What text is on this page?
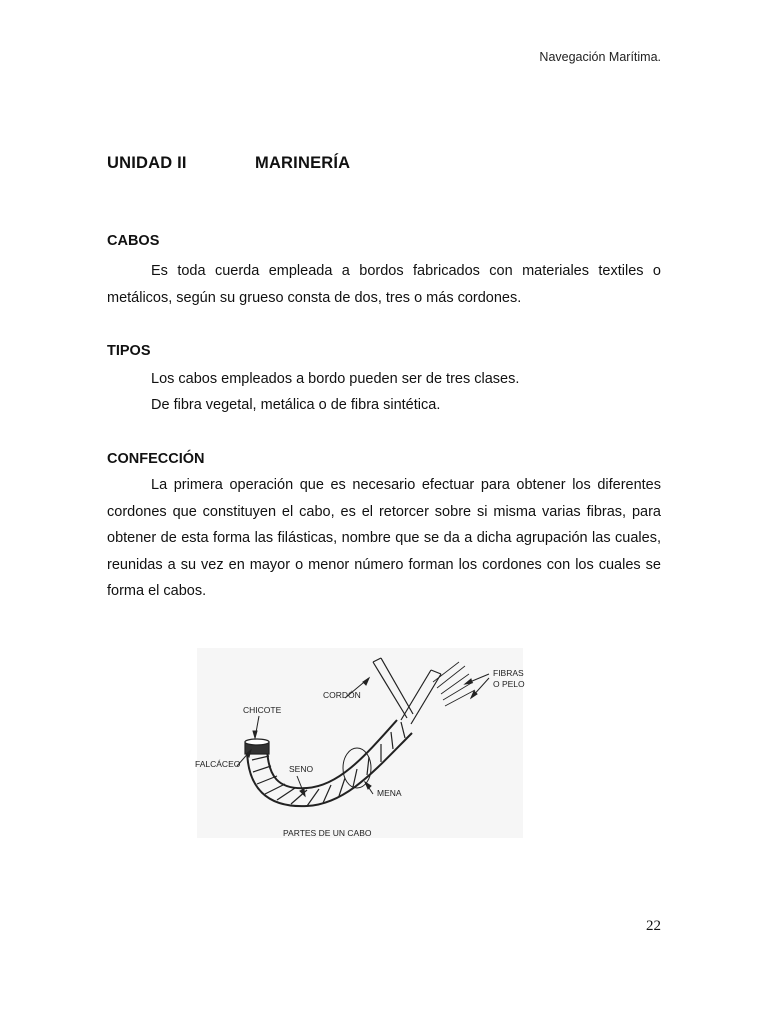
Navegación Marítima.
UNIDAD II	MARINERÍA
CABOS

Es toda cuerda empleada a bordos fabricados con materiales textiles o metálicos, según su grueso consta de dos, tres o más cordones.

TIPOS
Los cabos empleados a bordo pueden ser de tres clases.
De fibra vegetal, metálica o de fibra sintética.
CONFECCIÓN

La primera operación que es necesario efectuar para obtener los diferentes cordones que constituyen el cabo, es el retorcer sobre si misma varias fibras, para obtener de esta forma las filásticas, nombre que se da a dicha agrupación las cuales, reunidas a su vez en mayor o menor número forman los cordones con los cuales se forma el cabos.

FIBRAS
O PELO
CORDÓN
CHICOTE
FALCÁCEO	SENO
MENA
PARTES DE UN CABO
22
